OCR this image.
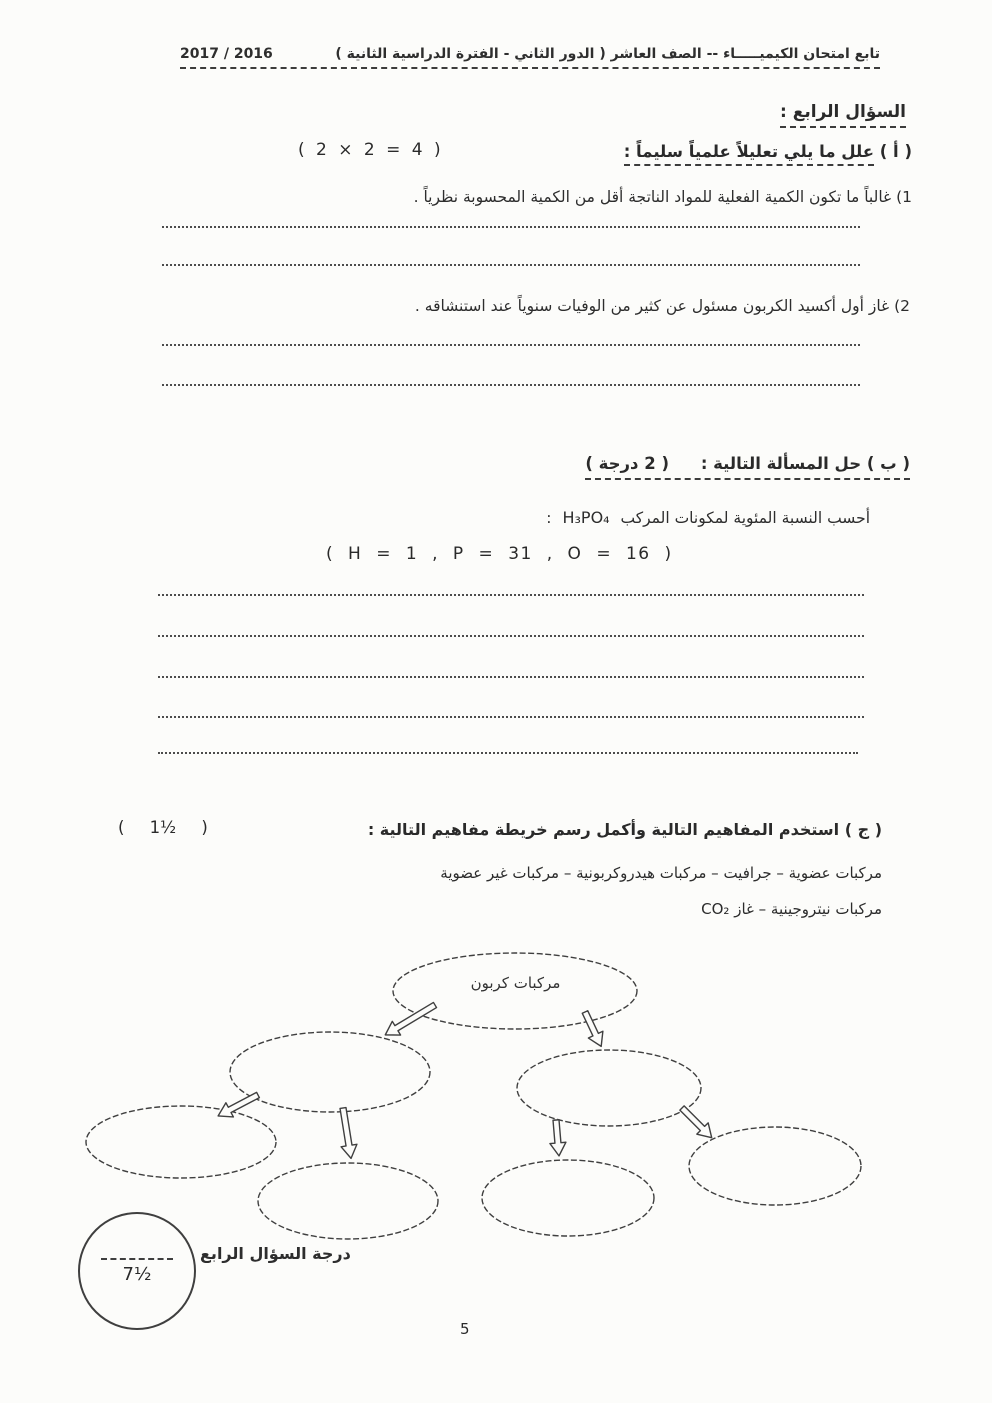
تابع امتحان الكيميـــــاء -- الصف العاشر ( الدور الثاني - الفترة الدراسية الثانية )
2017 / 2016
السؤال الرابع :
( 2 × 2 = 4 )	( أ ) علل ما يلي تعليلاً علمياً سليماً :
1) غالباً ما تكون الكمية الفعلية للمواد الناتجة أقل من الكمية المحسوبة نظرياً .
2) غاز أول أكسيد الكربون مسئول عن كثير من الوفيات سنوياً عند استنشاقه .
( ب ) حل المسألة التالية : ( 2 درجة )
أحسب النسبة المئوية لمكونات المركب H₃PO₄ :
( H = 1 , P = 31 , O = 16 )
( 1½ )	( ج ) استخدم المفاهيم التالية وأكمل رسم خريطة مفاهيم التالية :
مركبات عضوية – جرافيت – مركبات هيدروكربونية – مركبات غير عضوية
مركبات نيتروجينية – غاز CO₂
مركبات كربون
7½
درجة السؤال الرابع
5
